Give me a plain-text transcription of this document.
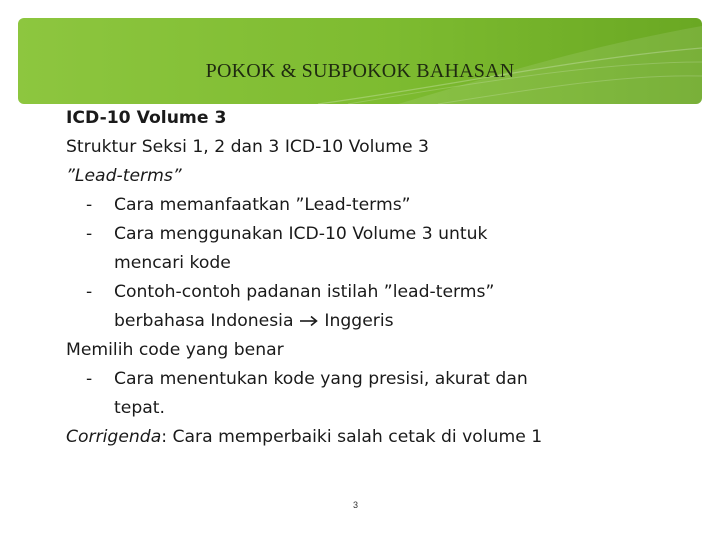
POKOK & SUBPOKOK BAHASAN
ICD-10 Volume 3
Struktur Seksi 1, 2 dan 3 ICD-10 Volume 3
”Lead-terms”
-	Cara memanfaatkan ”Lead-terms”
-	Cara menggunakan ICD-10 Volume 3 untuk
mencari kode
-	Contoh-contoh padanan istilah ”lead-terms”
berbahasa Indonesia  Inggeris
Memilih code yang benar
-	Cara menentukan kode yang presisi, akurat dan
tepat.
Corrigenda: Cara memperbaiki salah cetak di volume 1
3
